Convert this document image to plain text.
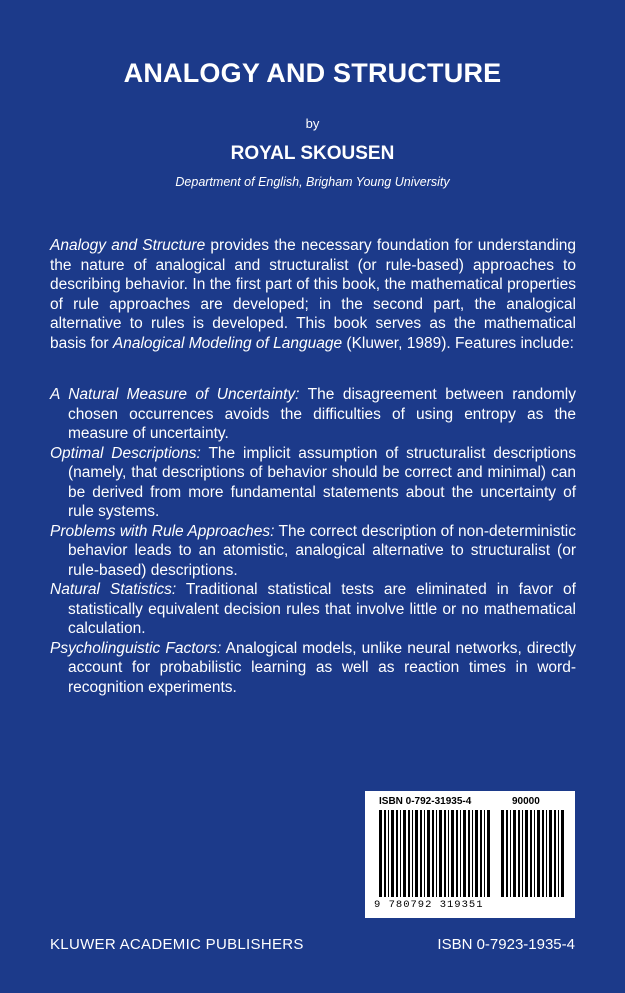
ANALOGY AND STRUCTURE
by
ROYAL SKOUSEN
Department of English, Brigham Young University

Analogy and Structure provides the necessary foundation for understanding the nature of analogical and structuralist (or rule-based) approaches to describing behavior. In the first part of this book, the mathematical properties of rule approaches are developed; in the second part, the analogical alternative to rules is developed. This book serves as the mathematical basis for Analogical Modeling of Language (Kluwer, 1989). Features include:

A Natural Measure of Uncertainty: The disagreement between randomly chosen occurrences avoids the difficulties of using entropy as the measure of uncertainty.
Optimal Descriptions: The implicit assumption of structuralist descriptions (namely, that descriptions of behavior should be correct and minimal) can be derived from more fundamental statements about the uncertainty of rule systems.
Problems with Rule Approaches: The correct description of non-deterministic behavior leads to an atomistic, analogical alternative to structuralist (or rule-based) descriptions.
Natural Statistics: Traditional statistical tests are eliminated in favor of statistically equivalent decision rules that involve little or no mathematical calculation.
Psycholinguistic Factors: Analogical models, unlike neural networks, directly account for probabilistic learning as well as reaction times in word-recognition experiments.
ISBN 0-792-31935-4	90000
9 780792 319351
KLUWER ACADEMIC PUBLISHERS	ISBN 0-7923-1935-4
